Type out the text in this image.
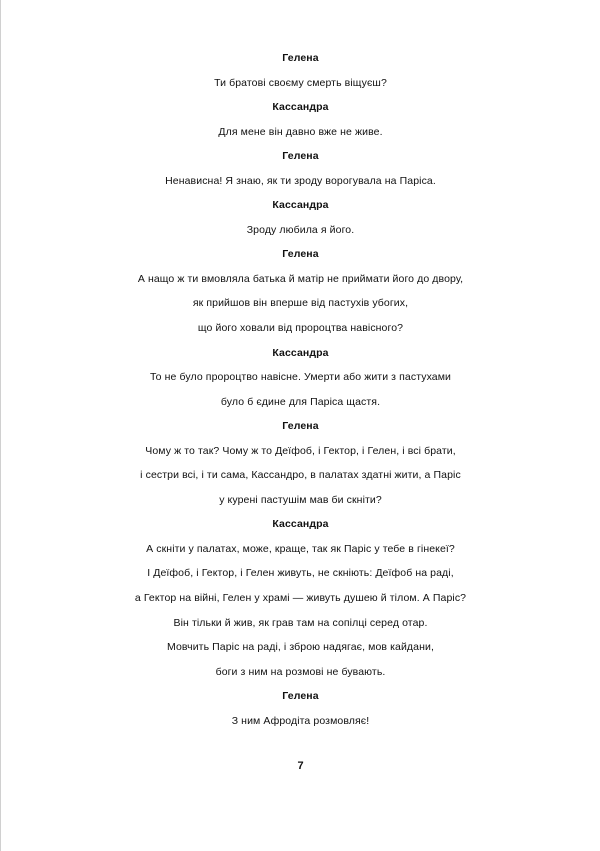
Гелена
Ти братові своєму смерть віщуєш?
Кассандра
Для мене він давно вже не живе.
Гелена
Ненависна! Я знаю, як ти зроду ворогувала на Паріса.
Кассандра
Зроду любила я його.
Гелена
А нащо ж ти вмовляла батька й матір не приймати його до двору,
як прийшов він вперше від пастухів убогих,
що його ховали від пророцтва навісного?
Кассандра
То не було пророцтво навісне. Умерти або жити з пастухами
було б єдине для Паріса щастя.
Гелена
Чому ж то так? Чому ж то Деїфоб, і Гектор, і Гелен, і всі брати,
і сестри всі, і ти сама, Кассандро, в палатах здатні жити, а Паріс
у курені пастушім мав би скніти?
Кассандра
А скніти у палатах, може, краще, так як Паріс у тебе в гінекеї?
І Деїфоб, і Гектор, і Гелен живуть, не скніють: Деїфоб на раді,
а Гектор на війні, Гелен у храмі — живуть душею й тілом. А Паріс?
Він тільки й жив, як грав там на сопілці серед отар.
Мовчить Паріс на раді, і зброю надягає, мов кайдани,
боги з ним на розмові не бувають.
Гелена
З ним Афродіта розмовляє!
7
